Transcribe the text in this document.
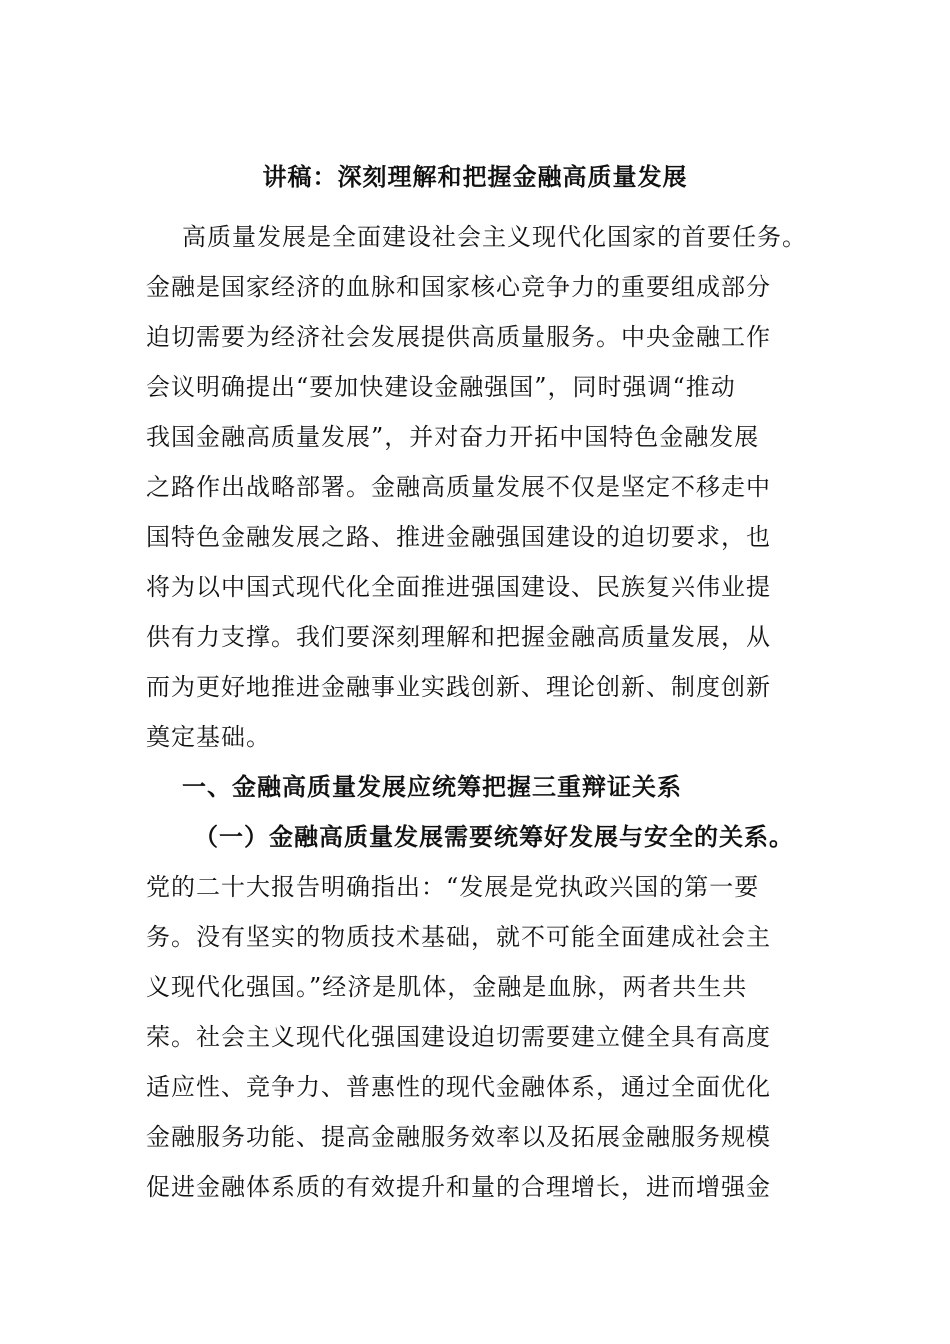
讲稿：深刻理解和把握金融高质量发展
高质量发展是全面建设社会主义现代化国家的首要任务。
金融是国家经济的血脉和国家核心竞争力的重要组成部分
迫切需要为经济社会发展提供高质量服务。中央金融工作
会议明确提出“要加快建设金融强国”，同时强调“推动
我国金融高质量发展”，并对奋力开拓中国特色金融发展
之路作出战略部署。金融高质量发展不仅是坚定不移走中
国特色金融发展之路、推进金融强国建设的迫切要求，也
将为以中国式现代化全面推进强国建设、民族复兴伟业提
供有力支撑。我们要深刻理解和把握金融高质量发展，从
而为更好地推进金融事业实践创新、理论创新、制度创新
奠定基础。
一、金融高质量发展应统筹把握三重辩证关系
（一）金融高质量发展需要统筹好发展与安全的关系。
党的二十大报告明确指出：“发展是党执政兴国的第一要
务。没有坚实的物质技术基础，就不可能全面建成社会主
义现代化强国。”经济是肌体，金融是血脉，两者共生共
荣。社会主义现代化强国建设迫切需要建立健全具有高度
适应性、竞争力、普惠性的现代金融体系，通过全面优化
金融服务功能、提高金融服务效率以及拓展金融服务规模
促进金融体系质的有效提升和量的合理增长，进而增强金
